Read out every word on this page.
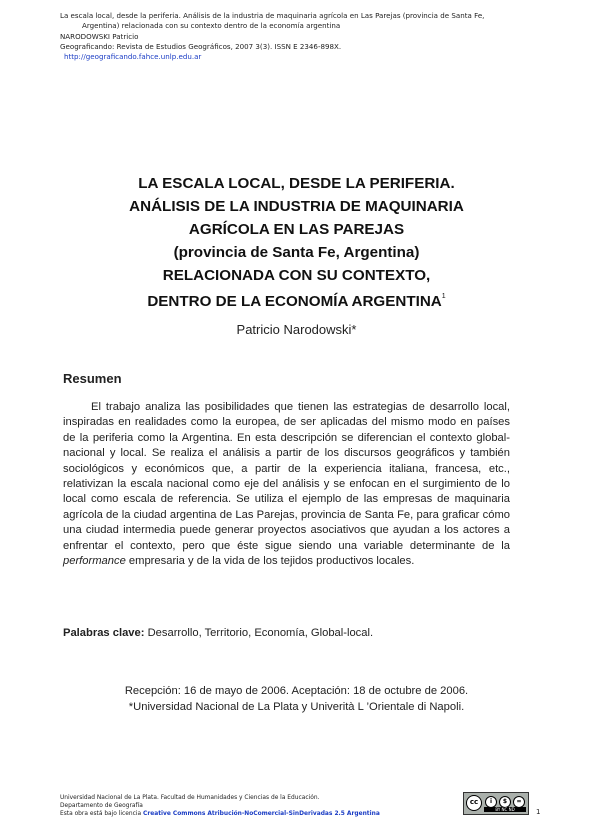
La escala local, desde la periferia. Análisis de la industria de maquinaria agrícola en Las Parejas (provincia de Santa Fe,
Argentina) relacionada con su contexto dentro de la economía argentina
NARODOWSKI Patricio
Geograficando: Revista de Estudios Geográficos, 2007 3(3). ISSN E 2346-898X.
http://geograficando.fahce.unlp.edu.ar
LA ESCALA LOCAL, DESDE LA PERIFERIA.
ANÁLISIS DE LA INDUSTRIA DE MAQUINARIA
AGRÍCOLA EN LAS PAREJAS
(provincia de Santa Fe, Argentina)
RELACIONADA CON SU CONTEXTO,
DENTRO DE LA ECONOMÍA ARGENTINA$^1$
Patricio Narodowski*
Resumen

El trabajo analiza las posibilidades que tienen las estrategias de desarrollo local, inspiradas en realidades como la europea, de ser aplicadas del mismo modo en países de la periferia como la Argentina. En esta descripción se diferencian el contexto global-nacional y local. Se realiza el análisis a partir de los discursos geográficos y también sociológicos y económicos que, a partir de la experiencia italiana, francesa, etc., relativizan la escala nacional como eje del análisis y se enfocan en el surgimiento de lo local como escala de referencia. Se utiliza el ejemplo de las empresas de maquinaria agrícola de la ciudad argentina de Las Parejas, provincia de Santa Fe, para graficar cómo una ciudad intermedia puede generar proyectos asociativos que ayudan a los actores a enfrentar el contexto, pero que éste sigue siendo una variable determinante de la performance empresaria y de la vida de los tejidos productivos locales.

Palabras clave: Desarrollo, Territorio, Economía, Global-local.
Recepción: 16 de mayo de 2006. Aceptación: 18 de octubre de 2006.
*Universidad Nacional de La Plata y Univerità L ’Orientale di Napoli.
Universidad Nacional de La Plata. Facultad de Humanidades y Ciencias de la Educación.
Departamento de Geografía
Esta obra está bajo licencia Creative Commons Atribución-NoComercial-SinDerivadas 2.5 Argentina
cc	i	$	=
BY NC ND	1
